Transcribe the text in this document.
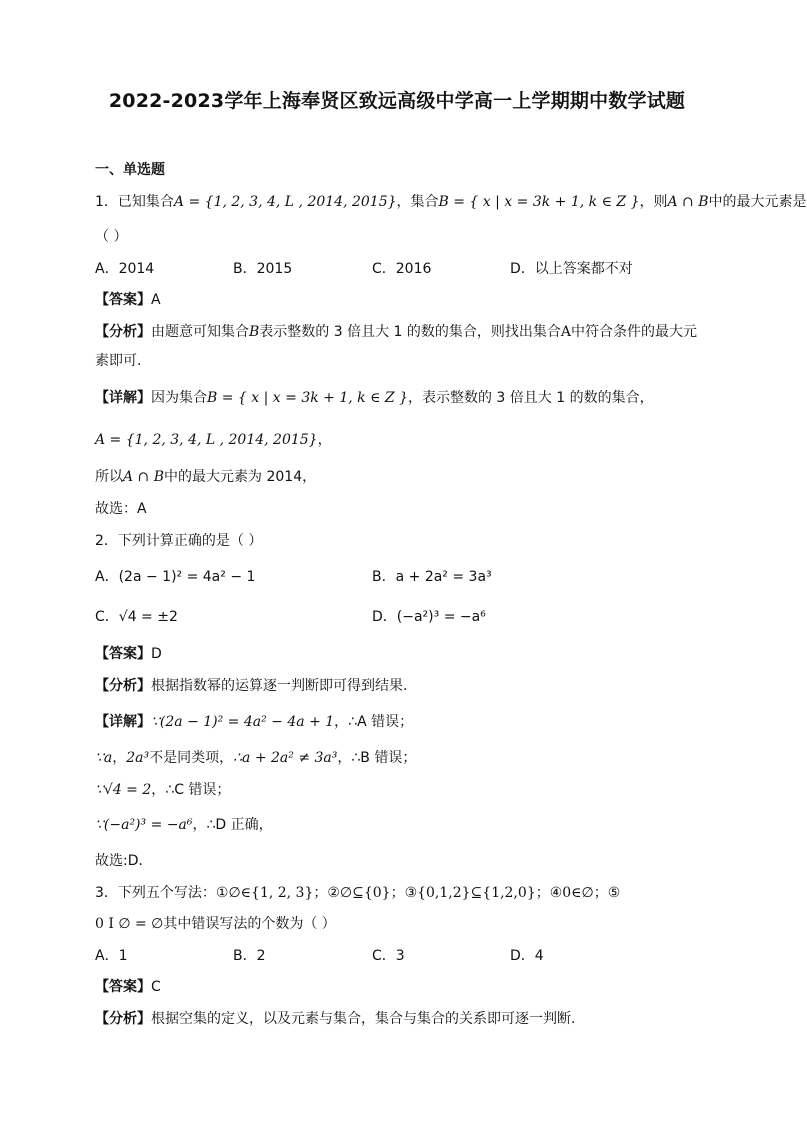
2022-2023学年上海奉贤区致远高级中学高一上学期期中数学试题
一、单选题
1．已知集合A = {1, 2, 3, 4, L , 2014, 2015}，集合B = { x | x = 3k + 1, k ∈ Z }，则A ∩ B中的最大元素是
（ ）
A．2014	B．2015	C．2016	D．以上答案都不对
【答案】A
【分析】由题意可知集合B表示整数的 3 倍且大 1 的数的集合，则找出集合A中符合条件的最大元
素即可.
【详解】因为集合B = { x | x = 3k + 1, k ∈ Z }，表示整数的 3 倍且大 1 的数的集合，
A = {1, 2, 3, 4, L , 2014, 2015}，
所以A ∩ B中的最大元素为 2014，
故选：A
2．下列计算正确的是（ ）
A．(2a − 1)² = 4a² − 1	B．a + 2a² = 3a³
C．√4 = ±2	D．(−a²)³ = −a⁶
【答案】D
【分析】根据指数幂的运算逐一判断即可得到结果.
【详解】∵(2a − 1)² = 4a² − 4a + 1，∴A 错误；
∵a，2a³不是同类项，∴a + 2a² ≠ 3a³，∴B 错误；
∵√4 = 2，∴C 错误；
∵(−a²)³ = −a⁶，∴D 正确，
故选:D．
3．下列五个写法：①∅∈{1, 2, 3}；②∅⊆{0}；③{0,1,2}⊆{1,2,0}；④0∈∅；⑤
0 I ∅ = ∅其中错误写法的个数为（ ）
A．1	B．2	C．3	D．4
【答案】C
【分析】根据空集的定义，以及元素与集合，集合与集合的关系即可逐一判断.
